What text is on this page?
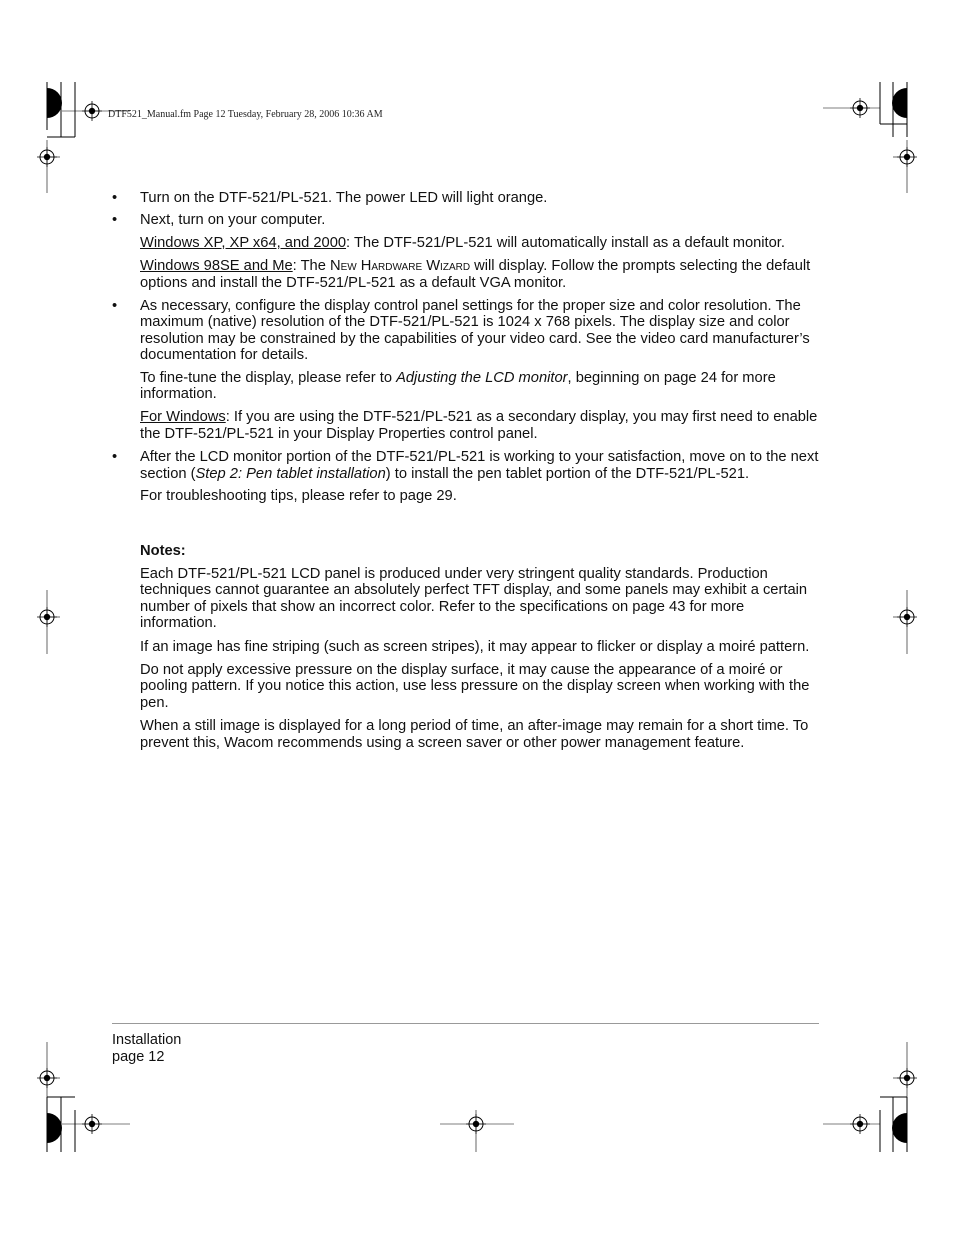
DTF521_Manual.fm Page 12 Tuesday, February 28, 2006 10:36 AM
• Turn on the DTF-521/PL-521. The power LED will light orange.
• Next, turn on your computer.
Windows XP, XP x64, and 2000: The DTF-521/PL-521 will automatically install as a default monitor.
Windows 98SE and Me: The New Hardware Wizard will display. Follow the prompts selecting the default options and install the DTF-521/PL-521 as a default VGA monitor.
• As necessary, configure the display control panel settings for the proper size and color resolution. The maximum (native) resolution of the DTF-521/PL-521 is 1024 x 768 pixels. The display size and color resolution may be constrained by the capabilities of your video card. See the video card manufacturer’s documentation for details.
To fine-tune the display, please refer to Adjusting the LCD monitor, beginning on page 24 for more information.
For Windows: If you are using the DTF-521/PL-521 as a secondary display, you may first need to enable the DTF-521/PL-521 in your Display Properties control panel.
• After the LCD monitor portion of the DTF-521/PL-521 is working to your satisfaction, move on to the next section (Step 2: Pen tablet installation) to install the pen tablet portion of the DTF-521/PL-521.
For troubleshooting tips, please refer to page 29.
Notes:
Each DTF-521/PL-521 LCD panel is produced under very stringent quality standards. Production techniques cannot guarantee an absolutely perfect TFT display, and some panels may exhibit a certain number of pixels that show an incorrect color. Refer to the specifications on page 43 for more information.
If an image has fine striping (such as screen stripes), it may appear to flicker or display a moiré pattern.
Do not apply excessive pressure on the display surface, it may cause the appearance of a moiré or pooling pattern. If you notice this action, use less pressure on the display screen when working with the pen.
When a still image is displayed for a long period of time, an after-image may remain for a short time. To prevent this, Wacom recommends using a screen saver or other power management feature.
Installation
page 12
